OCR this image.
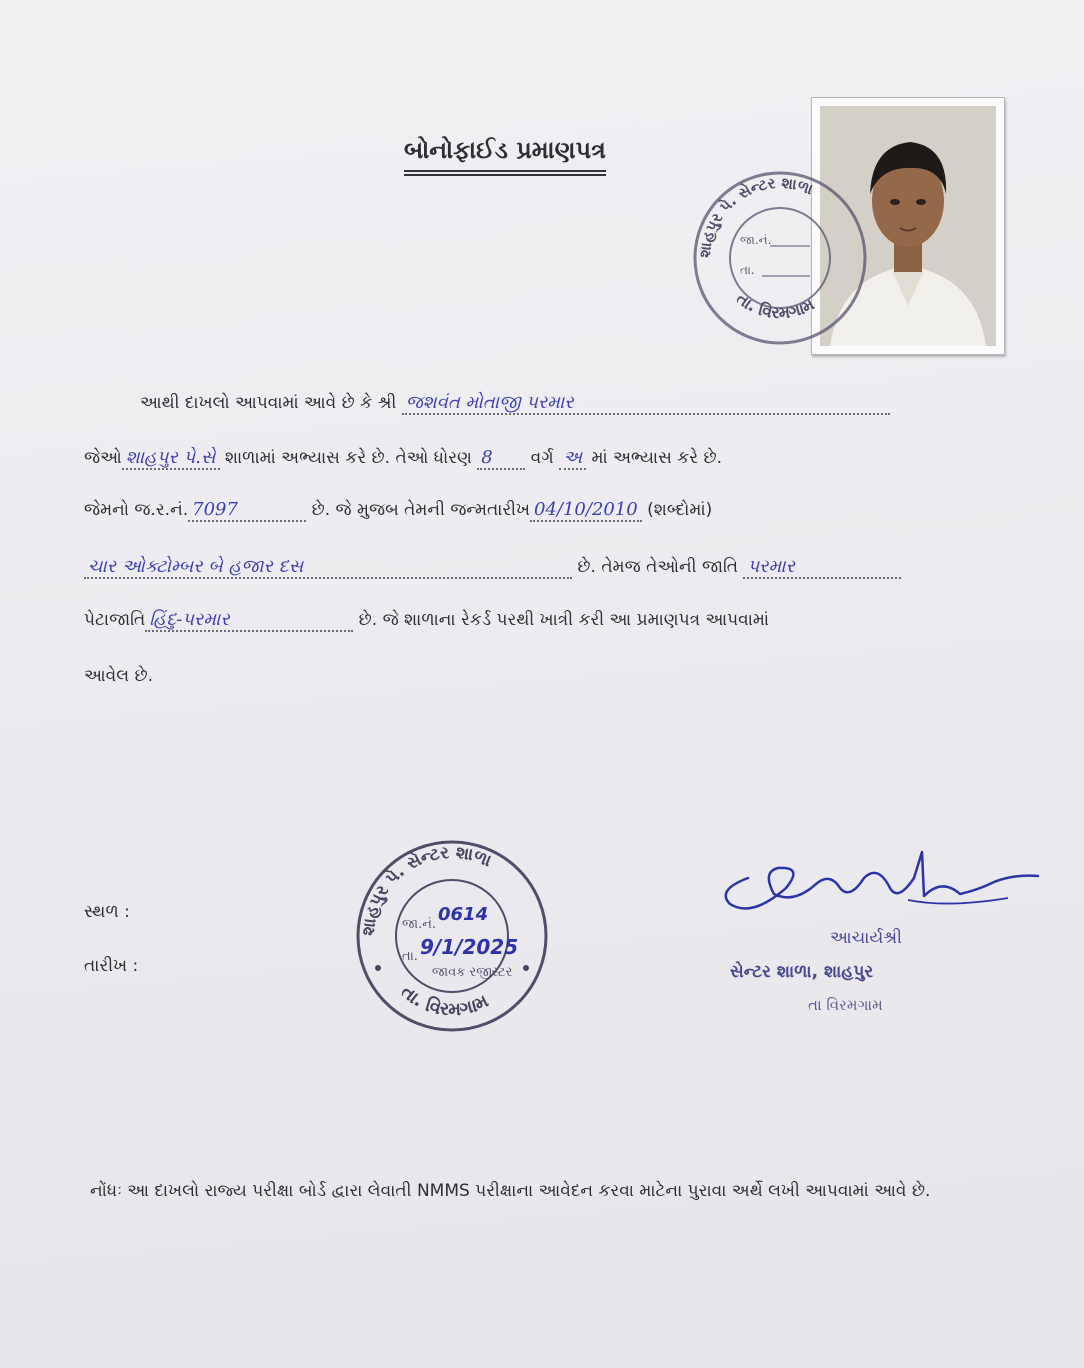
બોનોફાઈડ પ્રમાણપત્ર
શાહપુર પે. સેન્ટર શાળા
તા. વિરમગામ
જા.નં.
તા.
આથી દાખલો આપવામાં આવે છે કે શ્રી જશવંત મોતાજી પરમાર
જેઓ શાહપુર પે.સે શાળામાં અભ્યાસ કરે છે. તેઓ ધોરણ 8 વર્ગ અ માં અભ્યાસ કરે છે.
જેમનો જ.ર.નં. 7097	છે. જે મુજબ તેમની જન્મતારીખ 04/10/2010 (શબ્દોમાં)
ચાર ઓક્ટોમ્બર બે હજાર દસ	છે. તેમજ તેઓની જાતિ પરમાર
પેટાજાતિ હિંદુ-પરમાર	છે. જે શાળાના રેકર્ડ પરથી ખાત્રી કરી આ પ્રમાણપત્ર આપવામાં
આવેલ છે.
સ્થળ :
તારીખ :
શાહપુર પે. સેન્ટર શાળા
તા. વિરમગામ
જા.નં.
તા.
0614
9/1/2025
જાવક રજીસ્ટર
આચાર્યશ્રી
સેન્ટર શાળા, શાહપુર
તા વિરમગામ
નોંધઃ આ દાખલો રાજ્ય પરીક્ષા બોર્ડ દ્વારા લેવાતી NMMS પરીક્ષાના આવેદન કરવા માટેના પુરાવા અર્થે લખી આપવામાં આવે છે.
